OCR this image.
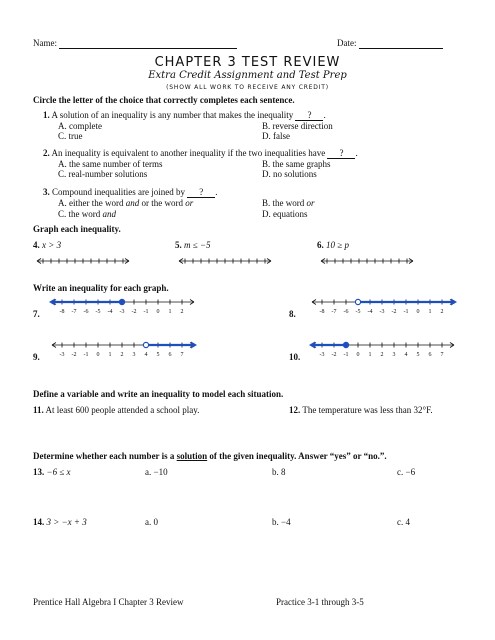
Name:	Date:
CHAPTER 3 TEST REVIEW
Extra Credit Assignment and Test Prep
(SHOW ALL WORK TO RECEIVE ANY CREDIT)
Circle the letter of the choice that correctly completes each sentence.
1. A solution of an inequality is any number that makes the inequality ? .
A. complete	B. reverse direction
C. true	D. false
2. An inequality is equivalent to another inequality if the two inequalities have ? .
A. the same number of terms	B. the same graphs
C. real-number solutions	D. no solutions
3. Compound inequalities are joined by ? .
A. either the word and or the word or	B. the word or
C. the word and	D. equations
Graph each inequality.
4. x > 3	5. m ≤ −5	6. 10 ≥ p
Write an inequality for each graph.
7.	-8 -7 -6 -5 -4 -3 -2 -1 0 1 2	8.	-8 -7 -6 -5 -4 -3 -2 -1 0 1 2
9.	-3 -2 -1 0 1 2 3 4 5 6 7	10.	-3 -2 -1 0 1 2 3 4 5 6 7
Define a variable and write an inequality to model each situation.
11. At least 600 people attended a school play.	12. The temperature was less than 32°F.
Determine whether each number is a solution of the given inequality. Answer “yes” or “no.”.
13. −6 ≤ x	a. −10	b. 8	c. −6
14. 3 > −x + 3	a. 0	b. −4	c. 4
Prentice Hall Algebra I Chapter 3 Review	Practice 3-1 through 3-5
